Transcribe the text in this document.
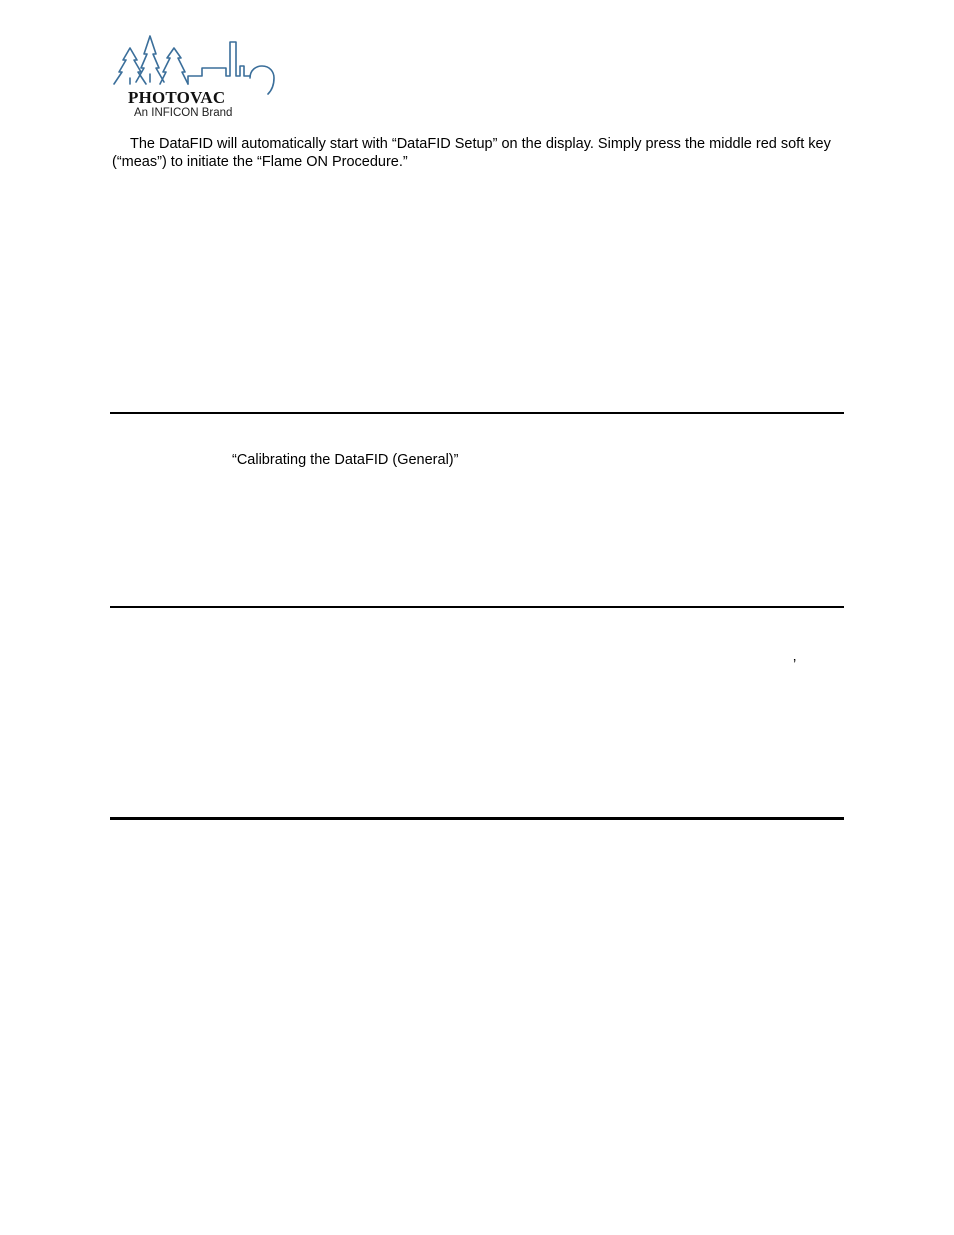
PHOTOVAC
An INFICON Brand

The DataFID will automatically start with “DataFID Setup” on the display. Simply press the middle red soft key (“meas”) to initiate the “Flame ON Procedure.”

“Calibrating the DataFID (General)”
’
